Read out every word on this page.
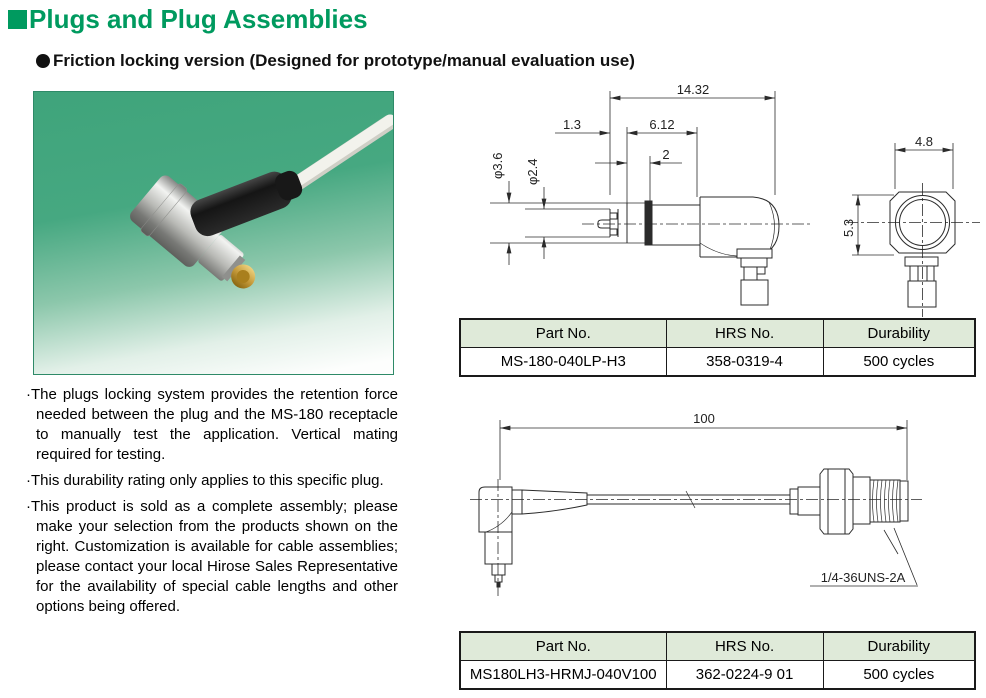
Plugs and Plug Assemblies
Friction locking version (Designed for prototype/manual evaluation use)

·The plugs locking system provides the retention force needed between the plug and the MS-180 receptacle to manually test the application. Vertical mating required for testing.

·This durability rating only applies to this specific plug.

·This product is sold as a complete assembly; please make your selection from the products shown on the right. Customization is available for cable assemblies; please contact your local Hirose Sales Representative for the availability of special cable lengths and other options being offered.

14.32
1.3	6.12
2
φ3.6 φ2.4
4.8
5.3
Part No.	HRS No.	Durability
MS-180-040LP-H3	358-0319-4	500 cycles
100
1/4-36UNS-2A
Part No.	HRS No.	Durability
MS180LH3-HRMJ-040V100	362-0224-9 01	500 cycles
